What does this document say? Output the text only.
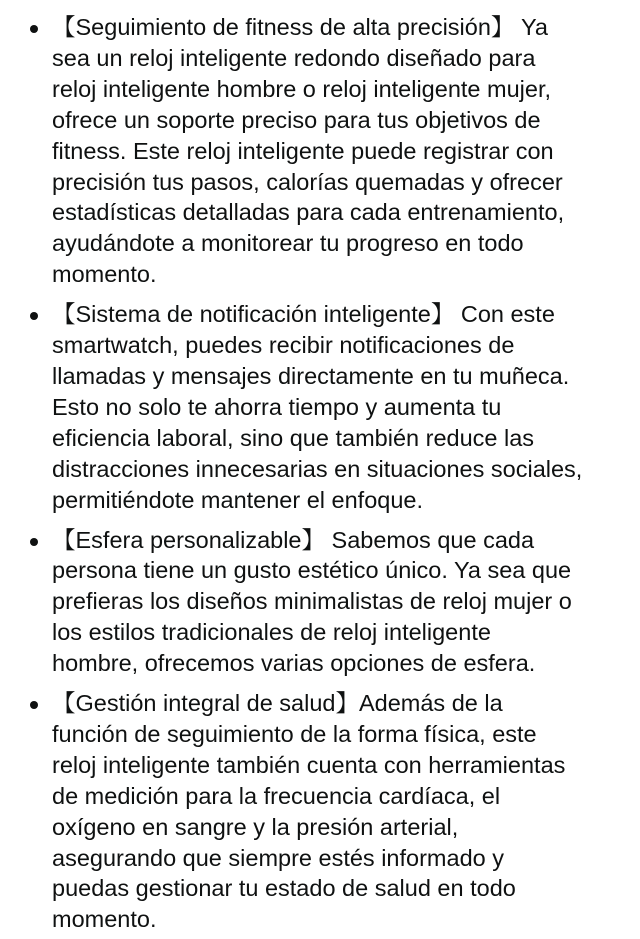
【Seguimiento de fitness de alta precisión】 Ya
sea un reloj inteligente redondo diseñado para
reloj inteligente hombre o reloj inteligente mujer,
ofrece un soporte preciso para tus objetivos de
fitness. Este reloj inteligente puede registrar con
precisión tus pasos, calorías quemadas y ofrecer
estadísticas detalladas para cada entrenamiento,
ayudándote a monitorear tu progreso en todo
momento.
【Sistema de notificación inteligente】 Con este
smartwatch, puedes recibir notificaciones de
llamadas y mensajes directamente en tu muñeca.
Esto no solo te ahorra tiempo y aumenta tu
eficiencia laboral, sino que también reduce las
distracciones innecesarias en situaciones sociales,
permitiéndote mantener el enfoque.
【Esfera personalizable】 Sabemos que cada
persona tiene un gusto estético único. Ya sea que
prefieras los diseños minimalistas de reloj mujer o
los estilos tradicionales de reloj inteligente
hombre, ofrecemos varias opciones de esfera.
【Gestión integral de salud】Además de la
función de seguimiento de la forma física, este
reloj inteligente también cuenta con herramientas
de medición para la frecuencia cardíaca, el
oxígeno en sangre y la presión arterial,
asegurando que siempre estés informado y
puedas gestionar tu estado de salud en todo
momento.
